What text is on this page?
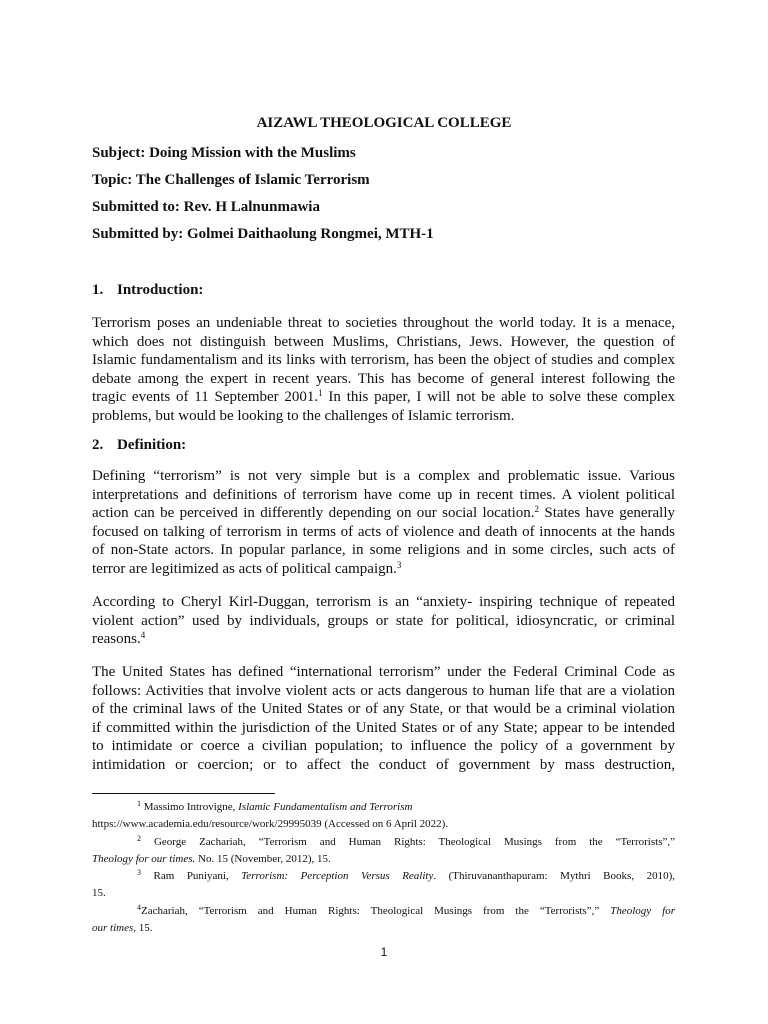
AIZAWL THEOLOGICAL COLLEGE

Subject: Doing Mission with the Muslims

Topic: The Challenges of Islamic Terrorism

Submitted to: Rev. H Lalnunmawia

Submitted by: Golmei Daithaolung Rongmei, MTH-1

1. Introduction:

Terrorism poses an undeniable threat to societies throughout the world today. It is a menace,
which does not distinguish between Muslims, Christians, Jews. However, the question of
Islamic fundamentalism and its links with terrorism, has been the object of studies and complex
debate among the expert in recent years. This has become of general interest following the
tragic events of 11 September 2001.$^1$ In this paper, I will not be able to solve these complex
problems, but would be looking to the challenges of Islamic terrorism.

2. Definition:

Defining “terrorism” is not very simple but is a complex and problematic issue. Various
interpretations and definitions of terrorism have come up in recent times. A violent political
action can be perceived in differently depending on our social location.$^2$ States have generally
focused on talking of terrorism in terms of acts of violence and death of innocents at the hands
of non-State actors. In popular parlance, in some religions and in some circles, such acts of
terror are legitimized as acts of political campaign.$^3$
According to Cheryl Kirl-Duggan, terrorism is an “anxiety- inspiring technique of repeated
violent action” used by individuals, groups or state for political, idiosyncratic, or criminal
reasons.$^4$
The United States has defined “international terrorism” under the Federal Criminal Code as
follows: Activities that involve violent acts or acts dangerous to human life that are a violation
of the criminal laws of the United States or of any State, or that would be a criminal violation
if committed within the jurisdiction of the United States or of any State; appear to be intended
to intimidate or coerce a civilian population; to influence the policy of a government by
intimidation or coercion; or to affect the conduct of government by mass destruction,
$^1$ Massimo Introvigne, Islamic Fundamentalism and Terrorism
https://www.academia.edu/resource/work/29995039 (Accessed on 6 April 2022).
$^2$ George Zachariah, “Terrorism and Human Rights: Theological Musings from the “Terrorists”,”
Theology for our times. No. 15 (November, 2012), 15.
$^3$ Ram Puniyani, Terrorism: Perception Versus Reality. (Thiruvananthapuram: Mythri Books, 2010),
15.
$^4$Zachariah, “Terrorism and Human Rights: Theological Musings from the “Terrorists”,” Theology for
our times, 15.

1
